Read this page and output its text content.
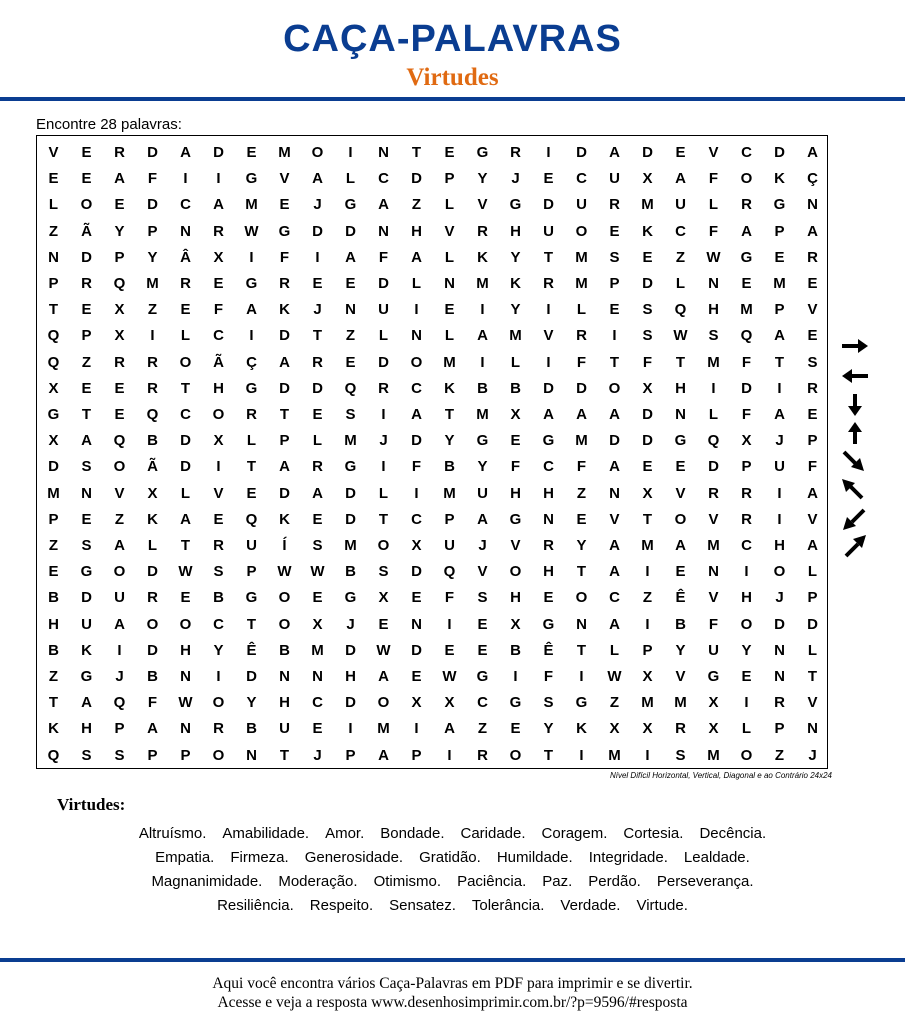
CAÇA-PALAVRAS
Virtudes
Encontre 28 palavras:
V	E	R	D	A	D	E	M	O	I	N	T	E	G	R	I	D	A	D	E	V	C	D	A
E	E	A	F	I	I	G	V	A	L	C	D	P	Y	J	E	C	U	X	A	F	O	K	Ç
L	O	E	D	C	A	M	E	J	G	A	Z	L	V	G	D	U	R	M	U	L	R	G	N
Z	Ã	Y	P	N	R	W	G	D	D	N	H	V	R	H	U	O	E	K	C	F	A	P	A
N	D	P	Y	Â	X	I	F	I	A	F	A	L	K	Y	T	M	S	E	Z	W	G	E	R
P	R	Q	M	R	E	G	R	E	E	D	L	N	M	K	R	M	P	D	L	N	E	M	E
T	E	X	Z	E	F	A	K	J	N	U	I	E	I	Y	I	L	E	S	Q	H	M	P	V
Q	P	X	I	L	C	I	D	T	Z	L	N	L	A	M	V	R	I	S	W	S	Q	A	E
Q	Z	R	R	O	Ã	Ç	A	R	E	D	O	M	I	L	I	F	T	F	T	M	F	T	S
X	E	E	R	T	H	G	D	D	Q	R	C	K	B	B	D	D	O	X	H	I	D	I	R
G	T	E	Q	C	O	R	T	E	S	I	A	T	M	X	A	A	A	D	N	L	F	A	E
X	A	Q	B	D	X	L	P	L	M	J	D	Y	G	E	G	M	D	D	G	Q	X	J	P
D	S	O	Ã	D	I	T	A	R	G	I	F	B	Y	F	C	F	A	E	E	D	P	U	F
M	N	V	X	L	V	E	D	A	D	L	I	M	U	H	H	Z	N	X	V	R	R	I	A
P	E	Z	K	A	E	Q	K	E	D	T	C	P	A	G	N	E	V	T	O	V	R	I	V
Z	S	A	L	T	R	U	Í	S	M	O	X	U	J	V	R	Y	A	M	A	M	C	H	A
E	G	O	D	W	S	P	W	W	B	S	D	Q	V	O	H	T	A	I	E	N	I	O	L
B	D	U	R	E	B	G	O	E	G	X	E	F	S	H	E	O	C	Z	Ê	V	H	J	P
H	U	A	O	O	C	T	O	X	J	E	N	I	E	X	G	N	A	I	B	F	O	D	D
B	K	I	D	H	Y	Ê	B	M	D	W	D	E	E	B	Ê	T	L	P	Y	U	Y	N	L
Z	G	J	B	N	I	D	N	N	H	A	E	W	G	I	F	I	W	X	V	G	E	N	T
T	A	Q	F	W	O	Y	H	C	D	O	X	X	C	G	S	G	Z	M	M	X	I	R	V
K	H	P	A	N	R	B	U	E	I	M	I	A	Z	E	Y	K	X	X	R	X	L	P	N
Q	S	S	P	P	O	N	T	J	P	A	P	I	R	O	T	I	M	I	S	M	O	Z	J
Nível Difícil Horizontal, Vertical, Diagonal e ao Contrário 24x24
Virtudes:
Altruísmo. Amabilidade. Amor. Bondade. Caridade. Coragem. Cortesia. Decência.
Empatia. Firmeza. Generosidade. Gratidão. Humildade. Integridade. Lealdade.
Magnanimidade. Moderação. Otimismo. Paciência. Paz. Perdão. Perseverança.
Resiliência. Respeito. Sensatez. Tolerância. Verdade. Virtude.
Aqui você encontra vários Caça-Palavras em PDF para imprimir e se divertir.
Acesse e veja a resposta www.desenhosimprimir.com.br/?p=9596/#resposta
